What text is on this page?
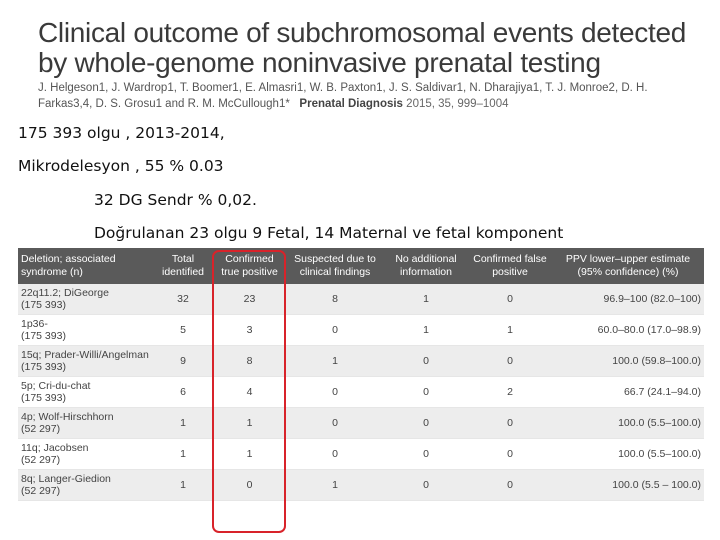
Clinical outcome of subchromosomal events detected by whole-genome noninvasive prenatal testing
J. Helgeson1, J. Wardrop1, T. Boomer1, E. Almasri1, W. B. Paxton1, J. S. Saldivar1, N. Dharajiya1, T. J. Monroe2, D. H. Farkas3,4, D. S. Grosu1 and R. M. McCullough1* Prenatal Diagnosis 2015, 35, 999–1004
175 393 olgu , 2013-2014,
Mikrodelesyon , 55 % 0.03
32 DG Sendr % 0,02.
Doğrulanan 23 olgu 9 Fetal, 14 Maternal ve fetal komponent
Deletion; associated syndrome (n)	Total identified	Confirmed true positive	Suspected due to clinical findings	No additional information	Confirmed false positive	PPV lower–upper estimate (95% confidence) (%)

22q11.2; DiGeorge
(175 393)	32	23	8	1	0	96.9–100 (82.0–100)

1p36-
(175 393)	5	3	0	1	1	60.0–80.0 (17.0–98.9)

15q; Prader-Willi/Angelman
(175 393)	9	8	1	0	0	100.0 (59.8–100.0)

5p; Cri-du-chat
(175 393)	6	4	0	0	2	66.7 (24.1–94.0)

4p; Wolf-Hirschhorn
(52 297)	1	1	0	0	0	100.0 (5.5–100.0)

11q; Jacobsen
(52 297)	1	1	0	0	0	100.0 (5.5–100.0)

8q; Langer-Giedion
(52 297)	1	0	1	0	0	100.0 (5.5 – 100.0)
